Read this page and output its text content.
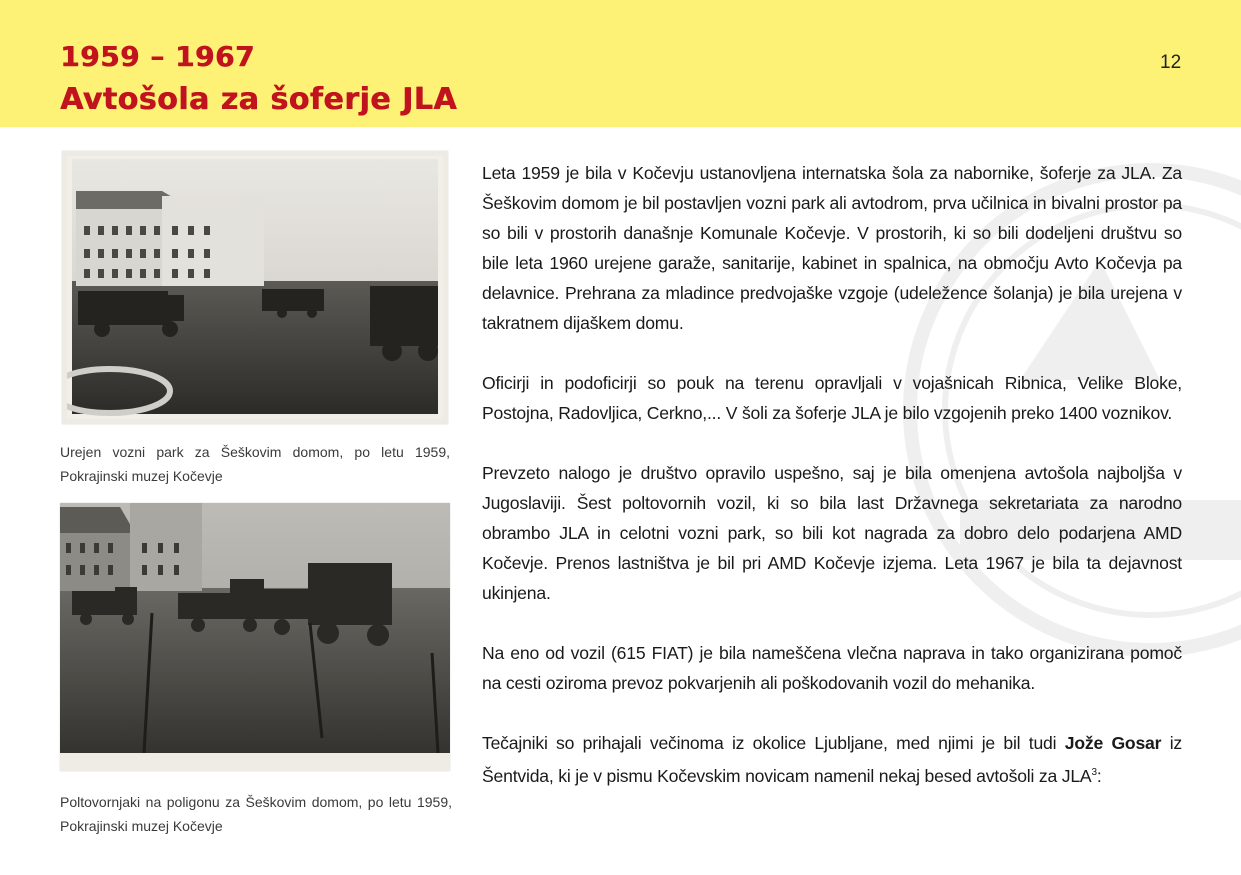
1959 – 1967
Avtošola za šoferje JLA
12

Urejen vozni park za Šeškovim domom, po letu 1959, Pokrajinski muzej Kočevje

Poltovornjaki na poligonu za Šeškovim domom, po letu 1959, Pokrajinski muzej Kočevje

Leta 1959 je bila v Kočevju ustanovljena internatska šola za nabornike, šoferje za JLA. Za Šeškovim domom je bil postavljen vozni park ali avtodrom, prva učilnica in bivalni prostor pa so bili v prostorih današnje Komunale Kočevje. V prostorih, ki so bili dodeljeni društvu so bile leta 1960 urejene garaže, sanitarije, kabinet in spalnica, na območju Avto Kočevja pa delavnice. Prehrana za mladince predvojaške vzgoje (udeležence šolanja) je bila urejena v takratnem dijaškem domu.

Oficirji in podoficirji so pouk na terenu opravljali v vojašnicah Ribnica, Velike Bloke, Postojna, Radovljica, Cerkno,... V šoli za šoferje JLA je bilo vzgojenih preko 1400 voznikov.

Prevzeto nalogo je društvo opravilo uspešno, saj je bila omenjena avtošola najboljša v Jugoslaviji. Šest poltovornih vozil, ki so bila last Državnega sekretariata za narodno obrambo JLA in celotni vozni park, so bili kot nagrada za dobro delo podarjena AMD Kočevje. Prenos lastništva je bil pri AMD Kočevje izjema. Leta 1967 je bila ta dejavnost ukinjena.

Na eno od vozil (615 FIAT) je bila nameščena vlečna naprava in tako organizirana pomoč na cesti oziroma prevoz pokvarjenih ali poškodovanih vozil do mehanika.

Tečajniki so prihajali večinoma iz okolice Ljubljane, med njimi je bil tudi Jože Gosar iz Šentvida, ki je v pismu Kočevskim novicam namenil nekaj besed avtošoli za JLA$^3$:
